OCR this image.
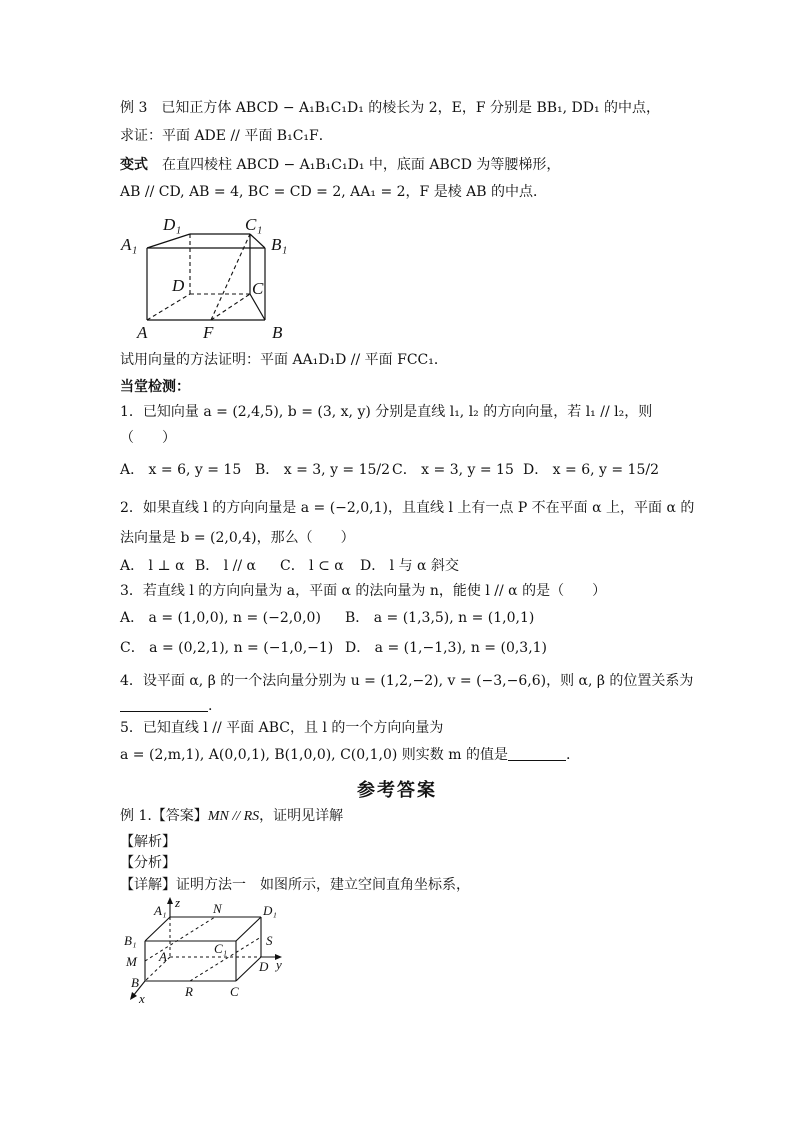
例 3　已知正方体 ABCD − A₁B₁C₁D₁ 的棱长为 2，E，F 分别是 BB₁, DD₁ 的中点，
求证：平面 ADE // 平面 B₁C₁F．
变式　在直四棱柱 ABCD − A₁B₁C₁D₁ 中，底面 ABCD 为等腰梯形，
AB // CD, AB = 4, BC = CD = 2, AA₁ = 2，F 是棱 AB 的中点．
D₁	C₁
A₁	B₁
D	C
A	F	B
试用向量的方法证明：平面 AA₁D₁D // 平面 FCC₁．
当堂检测：
1．已知向量 a = (2,4,5), b = (3, x, y) 分别是直线 l₁, l₂ 的方向向量，若 l₁ // l₂，则
（　　）
A． x = 6, y = 15 B． x = 3, y = 15/2 C． x = 3, y = 15 D． x = 6, y = 15/2
2．如果直线 l 的方向向量是 a = (−2,0,1)，且直线 l 上有一点 P 不在平面 α 上，平面 α 的
法向量是 b = (2,0,4)，那么（　　）
A． l ⊥ α B． l // α C． l ⊂ α D． l 与 α 斜交
3．若直线 l 的方向向量为 a，平面 α 的法向量为 n，能使 l // α 的是（　　）
A． a = (1,0,0), n = (−2,0,0) B． a = (1,3,5), n = (1,0,1)
C． a = (0,2,1), n = (−1,0,−1) D． a = (1,−1,3), n = (0,3,1)
4．设平面 α, β 的一个法向量分别为 u = (1,2,−2), v = (−3,−6,6)，则 α, β 的位置关系为
.
5．已知直线 l // 平面 ABC，且 l 的一个方向向量为
a = (2,m,1), A(0,0,1), B(1,0,0), C(0,1,0) 则实数 m 的值是	.
参考答案
例 1.【答案】MN // RS，证明见详解
【解析】
【分析】
【详解】证明方法一　如图所示，建立空间直角坐标系，
z
A₁	N	D₁
B₁
C₁
S
M A
D y
B
R	C
x
